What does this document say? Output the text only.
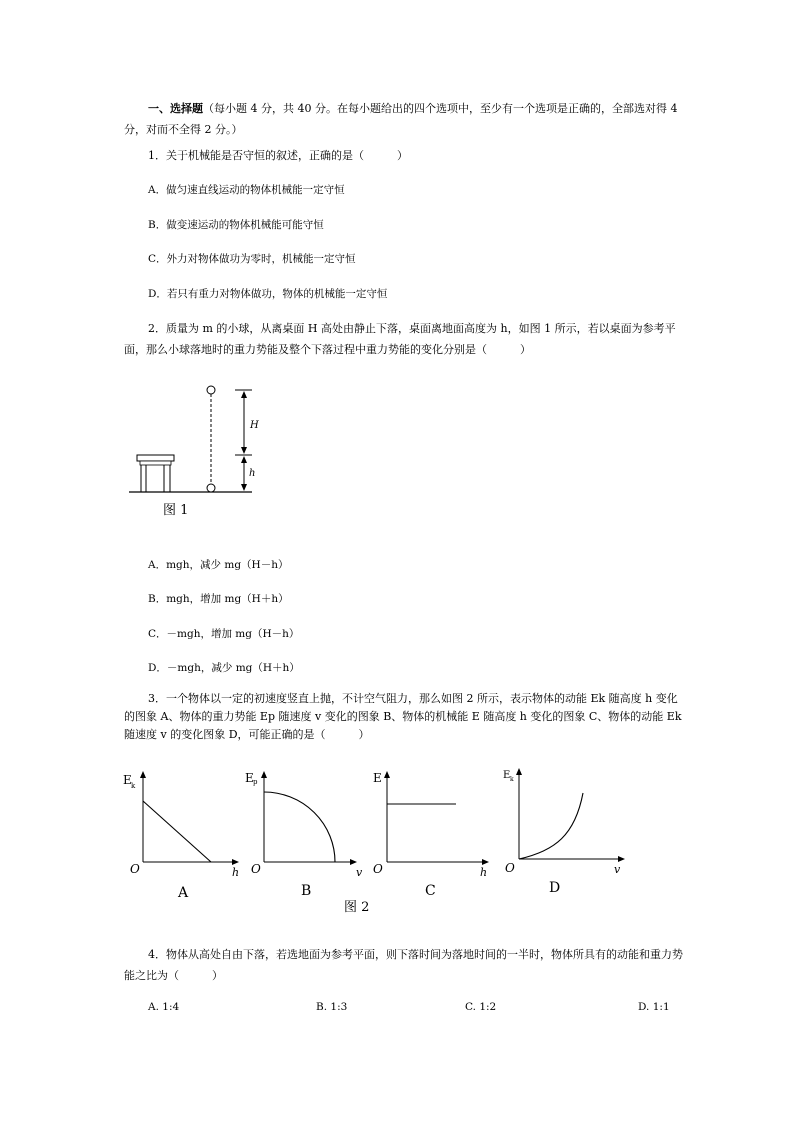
一、选择题（每小题 4 分，共 40 分。在每小题给出的四个选项中，至少有一个选项是正确的，全部选对得 4 分，对而不全得 2 分。）
1．关于机械能是否守恒的叙述，正确的是（　　　）
A．做匀速直线运动的物体机械能一定守恒
B．做变速运动的物体机械能可能守恒
C．外力对物体做功为零时，机械能一定守恒
D．若只有重力对物体做功，物体的机械能一定守恒
2．质量为 m 的小球，从离桌面 H 高处由静止下落，桌面离地面高度为 h，如图 1 所示，若以桌面为参考平面，那么小球落地时的重力势能及整个下落过程中重力势能的变化分别是（　　　）
H
h
图 1
A．mgh，减少 mg（H－h）
B．mgh，增加 mg（H＋h）
C．－mgh，增加 mg（H－h）
D．－mgh，减少 mg（H＋h）
3．一个物体以一定的初速度竖直上抛，不计空气阻力，那么如图 2 所示，表示物体的动能 Ek 随高度 h 变化的图象 A、物体的重力势能 Ep 随速度 v 变化的图象 B、物体的机械能 E 随高度 h 变化的图象 C、物体的动能 Ek 随速度 v 的变化图象 D，可能正确的是（　　　）
E k
O	h
A
E p
O	v
B
E
O	h
C
E k
O	v
D
图 2
4．物体从高处自由下落，若选地面为参考平面，则下落时间为落地时间的一半时，物体所具有的动能和重力势能之比为（　　　）
A. 1:4	B. 1:3	C. 1:2	D. 1:1
